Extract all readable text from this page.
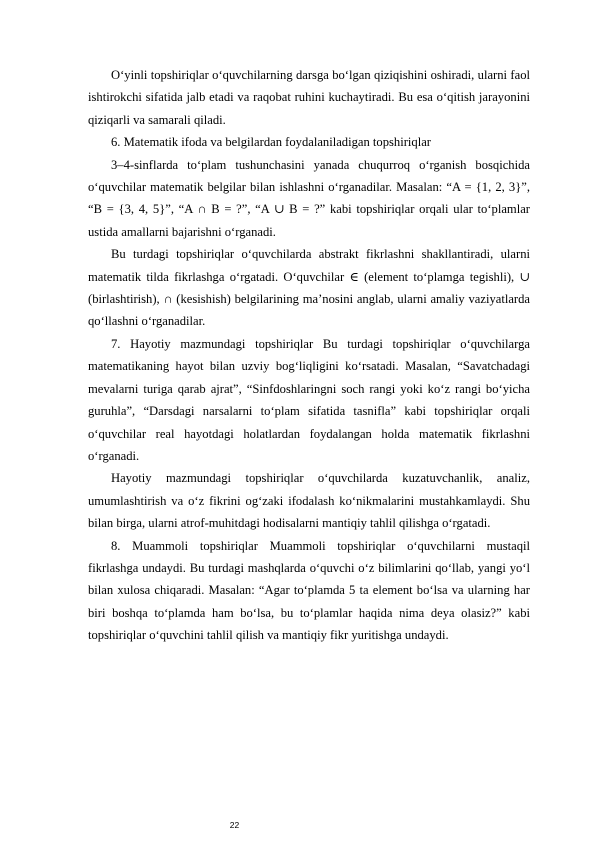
O‘yinli topshiriqlar o‘quvchilarning darsga bo‘lgan qiziqishini oshiradi, ularni faol ishtirokchi sifatida jalb etadi va raqobat ruhini kuchaytiradi. Bu esa o‘qitish jarayonini qiziqarli va samarali qiladi.

6. Matematik ifoda va belgilardan foydalaniladigan topshiriqlar

3–4-sinflarda to‘plam tushunchasini yanada chuqurroq o‘rganish bosqichida o‘quvchilar matematik belgilar bilan ishlashni o‘rganadilar. Masalan: “A = {1, 2, 3}”, “B = {3, 4, 5}”, “A ∩ B = ?”, “A ∪ B = ?” kabi topshiriqlar orqali ular to‘plamlar ustida amallarni bajarishni o‘rganadi.

Bu turdagi topshiriqlar o‘quvchilarda abstrakt fikrlashni shakllantiradi, ularni matematik tilda fikrlashga o‘rgatadi. O‘quvchilar ∈ (element to‘plamga tegishli), ∪ (birlashtirish), ∩ (kesishish) belgilarining ma’nosini anglab, ularni amaliy vaziyatlarda qo‘llashni o‘rganadilar.

7. Hayotiy mazmundagi topshiriqlar Bu turdagi topshiriqlar o‘quvchilarga matematikaning hayot bilan uzviy bog‘liqligini ko‘rsatadi. Masalan, “Savatchadagi mevalarni turiga qarab ajrat”, “Sinfdoshlaringni soch rangi yoki ko‘z rangi bo‘yicha guruhla”, “Darsdagi narsalarni to‘plam sifatida tasnifla” kabi topshiriqlar orqali o‘quvchilar real hayotdagi holatlardan foydalangan holda matematik fikrlashni o‘rganadi.

Hayotiy mazmundagi topshiriqlar o‘quvchilarda kuzatuvchanlik, analiz, umumlashtirish va o‘z fikrini og‘zaki ifodalash ko‘nikmalarini mustahkamlaydi. Shu bilan birga, ularni atrof-muhitdagi hodisalarni mantiqiy tahlil qilishga o‘rgatadi.

8. Muammoli topshiriqlar Muammoli topshiriqlar o‘quvchilarni mustaqil fikrlashga undaydi. Bu turdagi mashqlarda o‘quvchi o‘z bilimlarini qo‘llab, yangi yo‘l bilan xulosa chiqaradi. Masalan: “Agar to‘plamda 5 ta element bo‘lsa va ularning har biri boshqa to‘plamda ham bo‘lsa, bu to‘plamlar haqida nima deya olasiz?” kabi topshiriqlar o‘quvchini tahlil qilish va mantiqiy fikr yuritishga undaydi.

22
